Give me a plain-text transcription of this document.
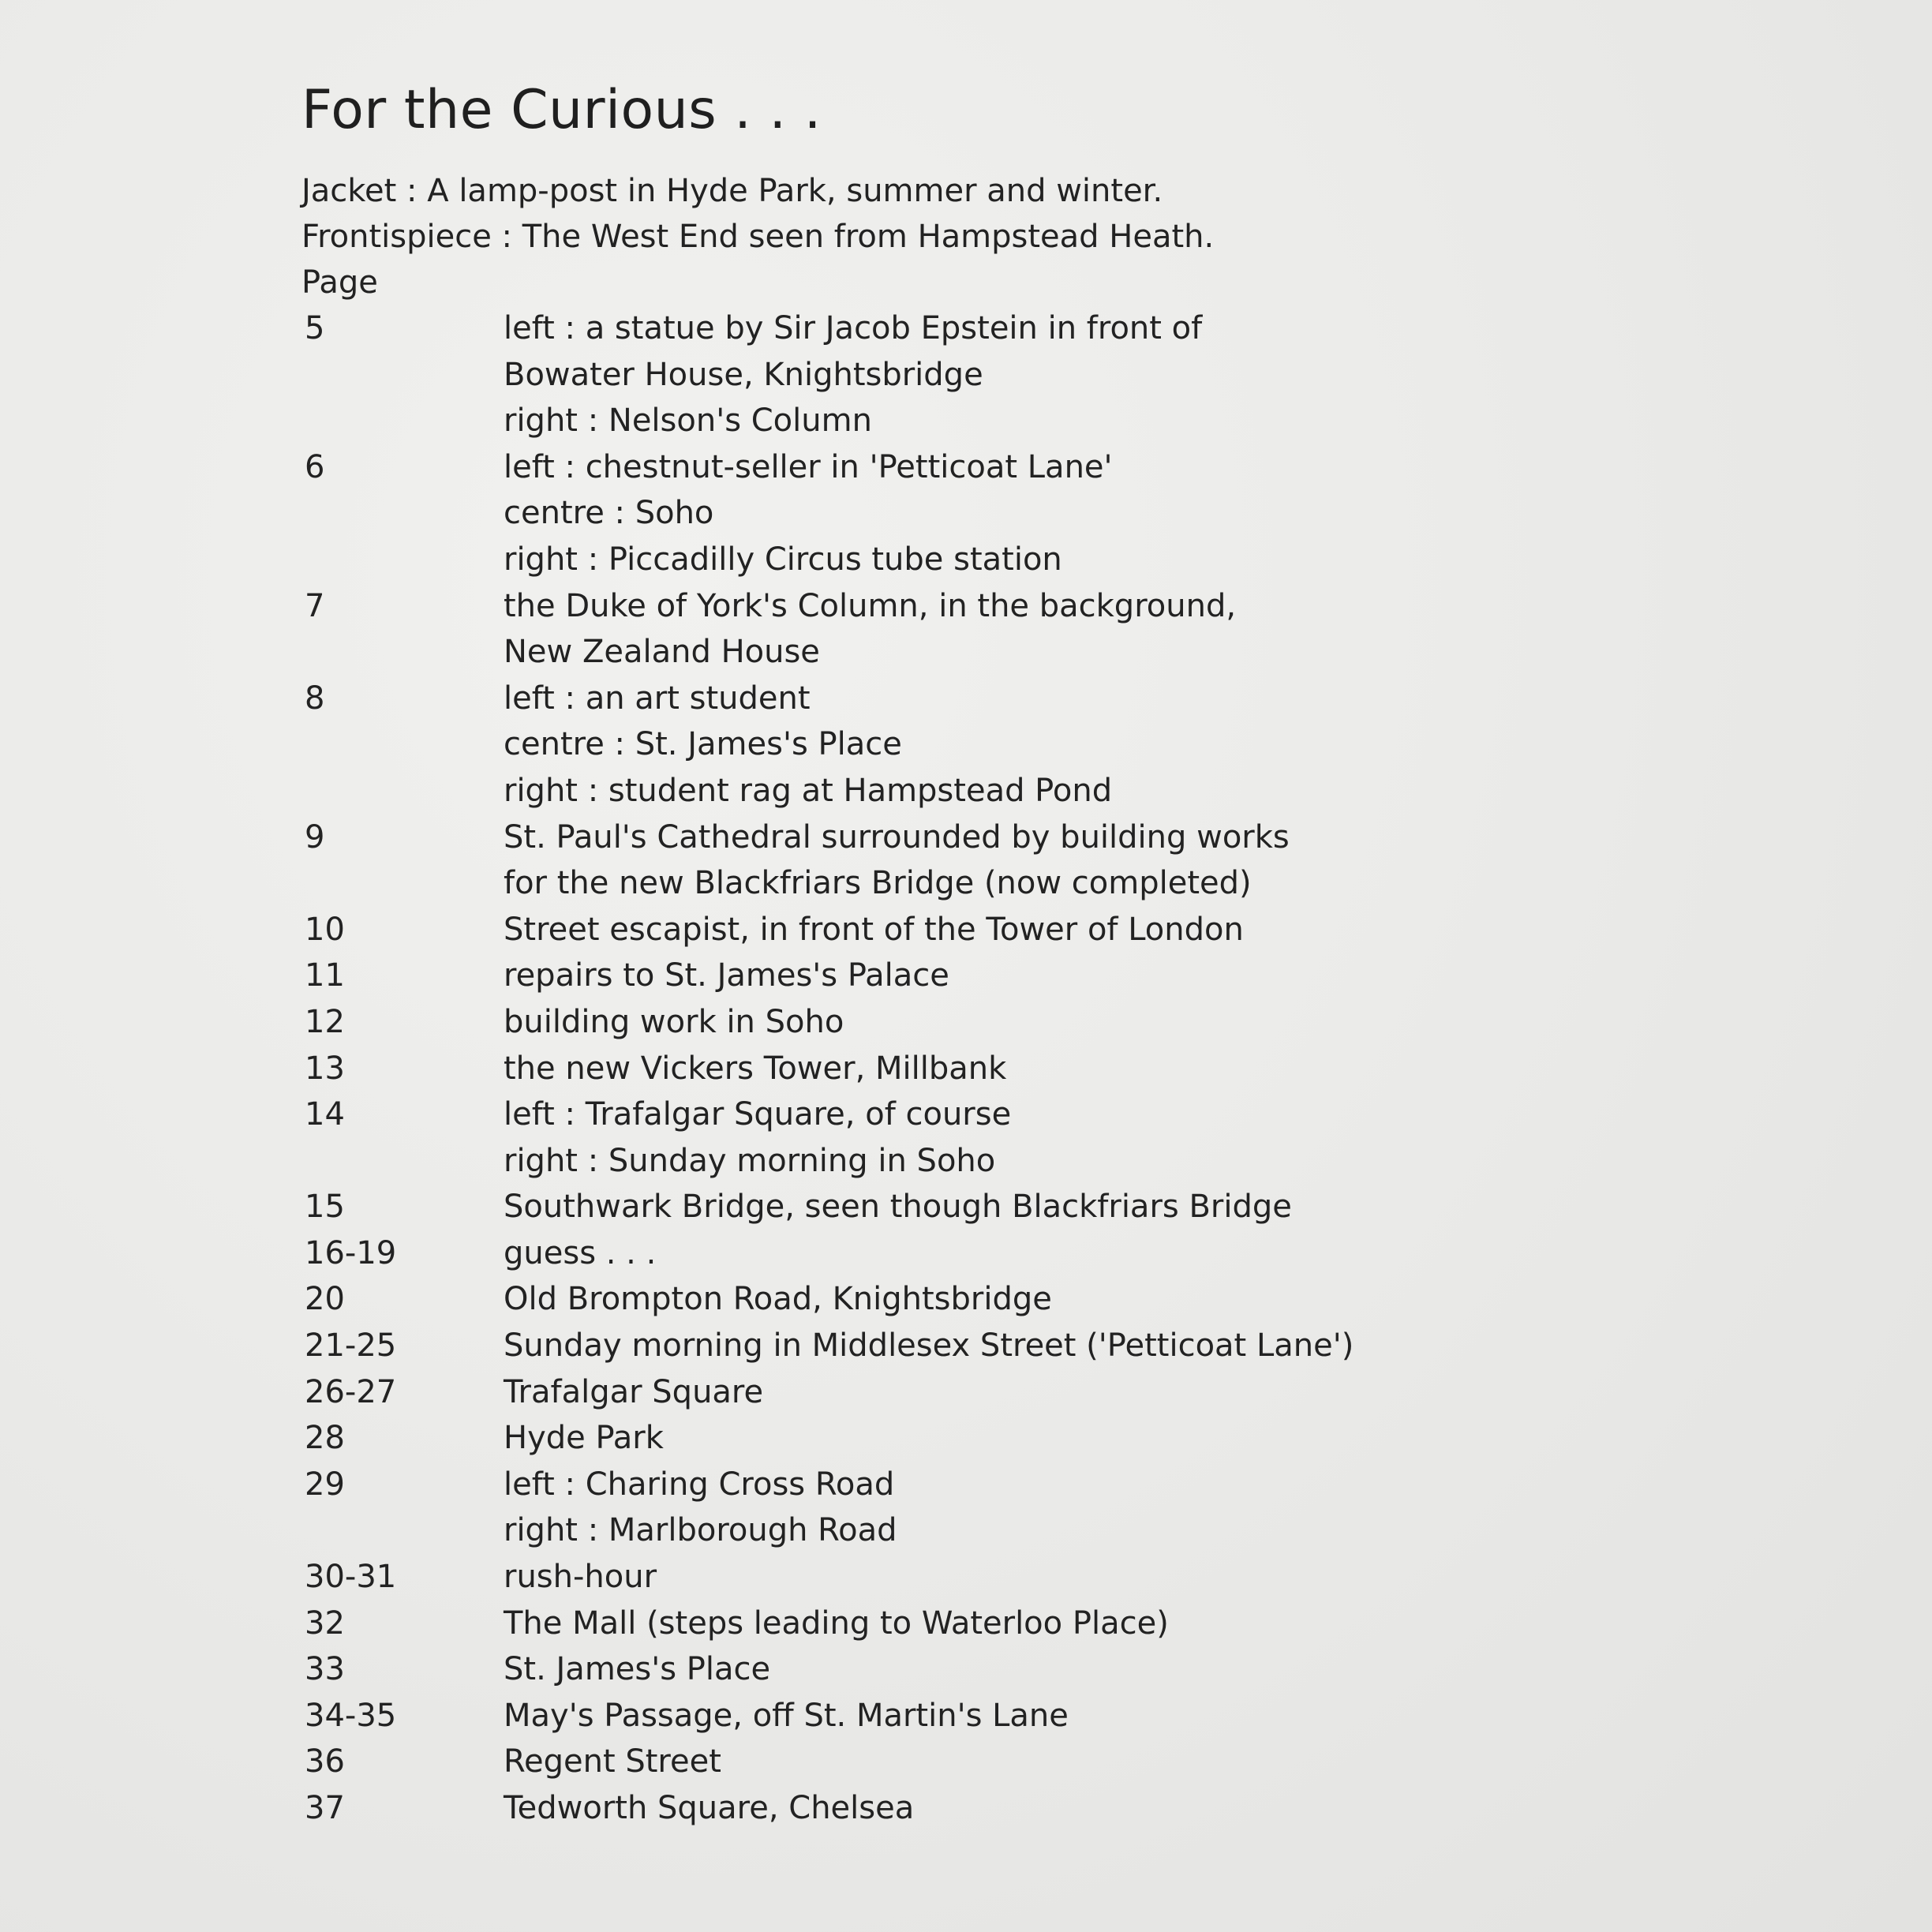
For the Curious . . .
Jacket : A lamp-post in Hyde Park, summer and winter.
Frontispiece : The West End seen from Hampstead Heath.
Page
5	left : a statue by Sir Jacob Epstein in front of
Bowater House, Knightsbridge
right : Nelson's Column
6	left : chestnut-seller in 'Petticoat Lane'
centre : Soho
right : Piccadilly Circus tube station
7	the Duke of York's Column, in the background,
New Zealand House
8	left : an art student
centre : St. James's Place
right : student rag at Hampstead Pond
9	St. Paul's Cathedral surrounded by building works
for the new Blackfriars Bridge (now completed)
10	Street escapist, in front of the Tower of London
11	repairs to St. James's Palace
12	building work in Soho
13	the new Vickers Tower, Millbank
14	left : Trafalgar Square, of course
right : Sunday morning in Soho
15	Southwark Bridge, seen though Blackfriars Bridge
16-19	guess . . .
20	Old Brompton Road, Knightsbridge
21-25	Sunday morning in Middlesex Street ('Petticoat Lane')
26-27	Trafalgar Square
28	Hyde Park
29	left : Charing Cross Road
right : Marlborough Road
30-31	rush-hour
32	The Mall (steps leading to Waterloo Place)
33	St. James's Place
34-35	May's Passage, off St. Martin's Lane
36	Regent Street
37	Tedworth Square, Chelsea
